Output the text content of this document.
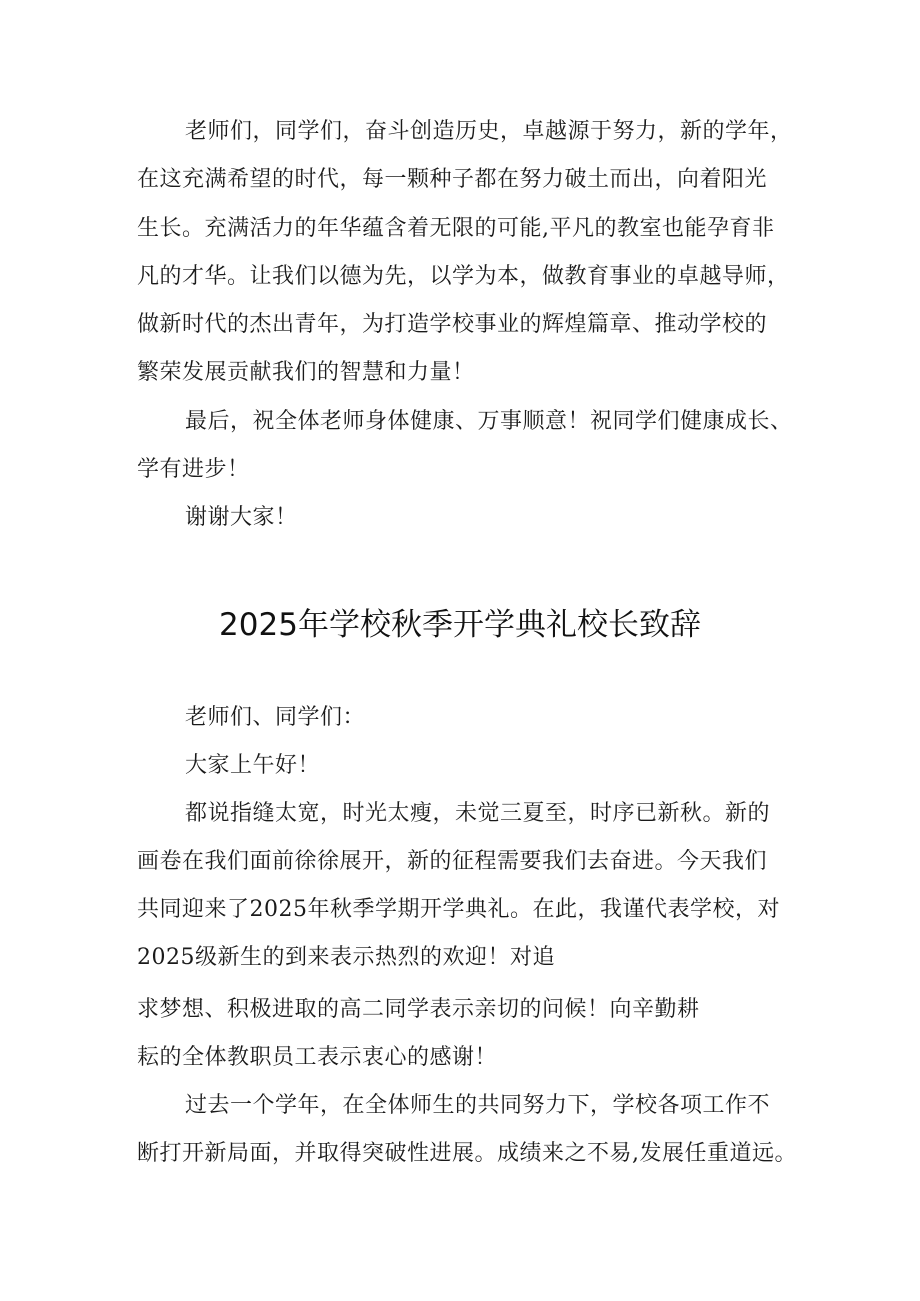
老师们，同学们，奋斗创造历史，卓越源于努力，新的学年，
在这充满希望的时代，每一颗种子都在努力破土而出，向着阳光
生长。充满活力的年华蕴含着无限的可能,平凡的教室也能孕育非
凡的才华。让我们以德为先，以学为本，做教育事业的卓越导师，
做新时代的杰出青年，为打造学校事业的辉煌篇章、推动学校的
繁荣发展贡献我们的智慧和力量！
最后，祝全体老师身体健康、万事顺意！祝同学们健康成长、
学有进步！
谢谢大家！
2025年学校秋季开学典礼校长致辞
老师们、同学们：
大家上午好！
都说指缝太宽，时光太瘦，未觉三夏至，时序已新秋。新的
画卷在我们面前徐徐展开，新的征程需要我们去奋进。今天我们
共同迎来了2025年秋季学期开学典礼。在此，我谨代表学校，对
2025级新生的到来表示热烈的欢迎！对追
求梦想、积极进取的高二同学表示亲切的问候！向辛勤耕
耘的全体教职员工表示衷心的感谢！
过去一个学年，在全体师生的共同努力下，学校各项工作不
断打开新局面，并取得突破性进展。成绩来之不易,发展任重道远。
